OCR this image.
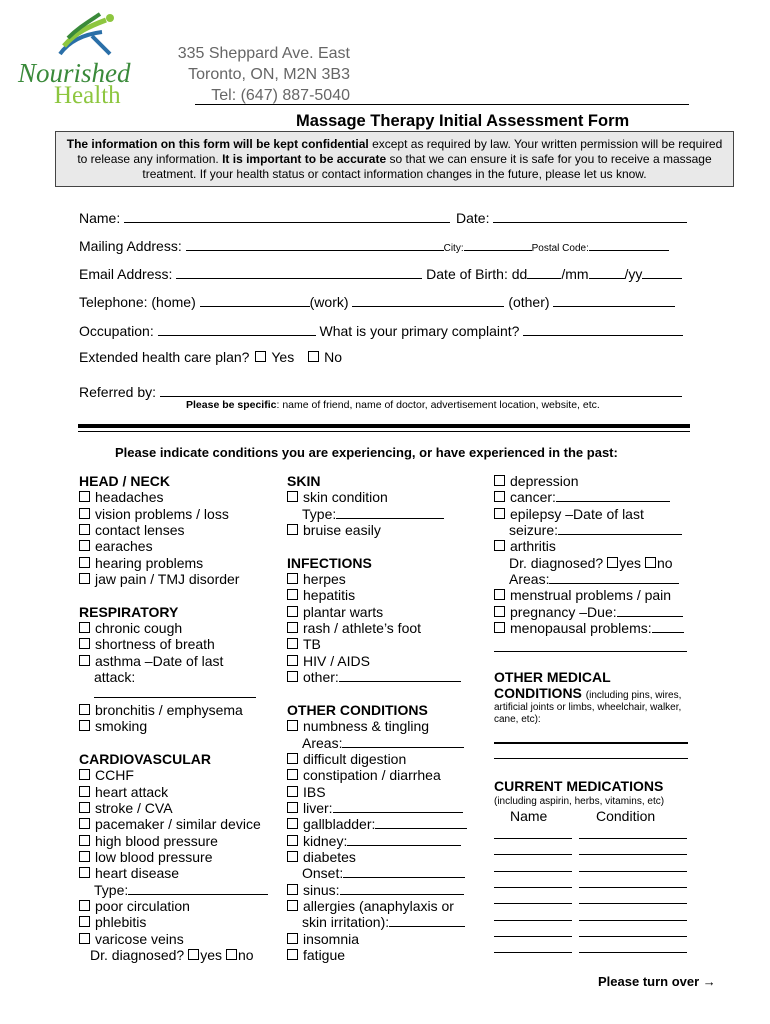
Nourished
Health
335 Sheppard Ave. East
Toronto, ON, M2N 3B3
Tel: (647) 887-5040
Massage Therapy Initial Assessment Form
The information on this form will be kept confidential except as required by law. Your written permission will be required to release any information. It is important to be accurate so that we can ensure it is safe for you to receive a massage treatment. If your health status or contact information changes in the future, please let us know.
Name:	Date:
Mailing Address:	City:	Postal Code:
Email Address:	Date of Birth: dd /mm	/yy
Telephone: (home)	(work)	(other)
Occupation:	What is your primary complaint?
Extended health care plan? Yes No
Referred by:
Please be specific: name of friend, name of doctor, advertisement location, website, etc.
Please indicate conditions you are experiencing, or have experienced in the past:
HEAD / NECK
headaches
vision problems / loss
contact lenses
earaches
hearing problems
jaw pain / TMJ disorder

RESPIRATORY
chronic cough
shortness of breath
asthma –Date of last
attack:
bronchitis / emphysema
smoking

CARDIOVASCULAR
CCHF
heart attack
stroke / CVA
pacemaker / similar device
high blood pressure
low blood pressure
heart disease
Type:
poor circulation
phlebitis
varicose veins
Dr. diagnosed? yes no
SKIN
skin condition
Type:
bruise easily

INFECTIONS
herpes
hepatitis
plantar warts
rash / athlete’s foot
TB
HIV / AIDS
other:

OTHER CONDITIONS
numbness & tingling
Areas:
difficult digestion
constipation / diarrhea
IBS
liver:
gallbladder:
kidney:
diabetes
Onset:
sinus:
allergies (anaphylaxis or
skin irritation):
insomnia
fatigue
depression
cancer:
epilepsy –Date of last
seizure:
arthritis
Dr. diagnosed? yes no
Areas:
menstrual problems / pain
pregnancy –Due:
menopausal problems:
OTHER MEDICAL
CONDITIONS (including pins, wires,
artificial joints or limbs, wheelchair, walker, cane, etc):
CURRENT MEDICATIONS
(including aspirin, herbs, vitamins, etc)
Name	Condition
Please turn over →
